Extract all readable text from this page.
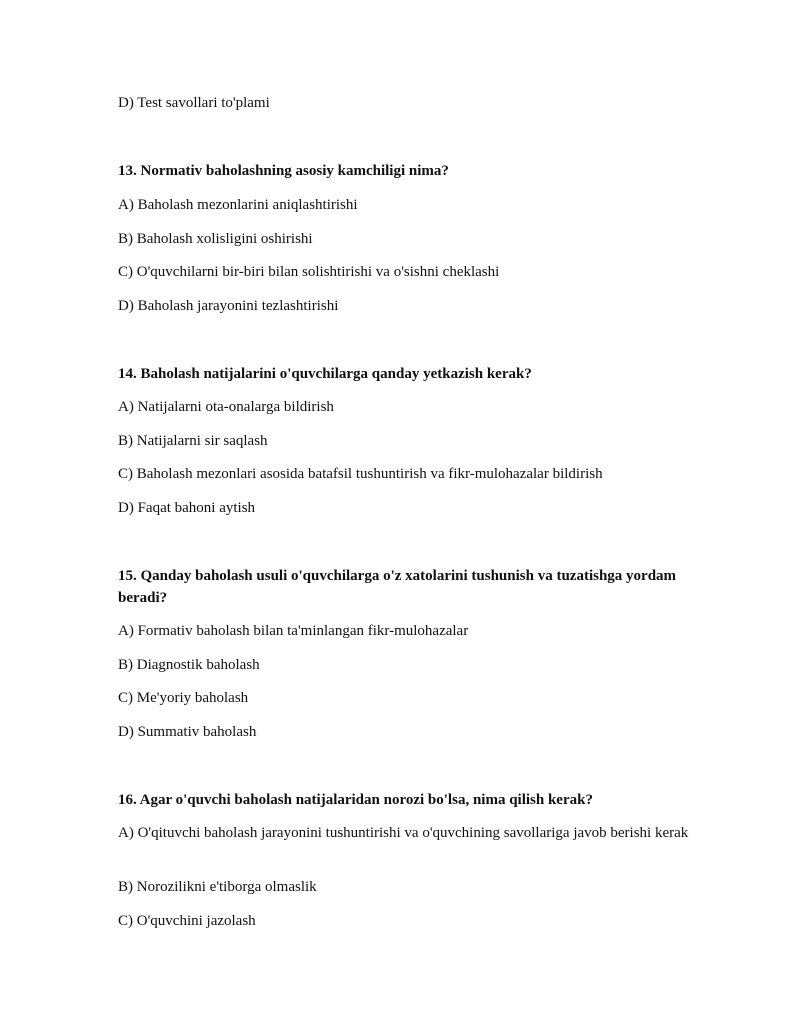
D) Test savollari to'plami
13. Normativ baholashning asosiy kamchiligi nima?
A) Baholash mezonlarini aniqlashtirishi
B) Baholash xolisligini oshirishi
C) O'quvchilarni bir-biri bilan solishtirishi va o'sishni cheklashi
D) Baholash jarayonini tezlashtirishi
14. Baholash natijalarini o'quvchilarga qanday yetkazish kerak?
A) Natijalarni ota-onalarga bildirish
B) Natijalarni sir saqlash
C) Baholash mezonlari asosida batafsil tushuntirish va fikr-mulohazalar bildirish
D) Faqat bahoni aytish
15. Qanday baholash usuli o'quvchilarga o'z xatolarini tushunish va tuzatishga yordam beradi?
A) Formativ baholash bilan ta'minlangan fikr-mulohazalar
B) Diagnostik baholash
C) Me'yoriy baholash
D) Summativ baholash
16. Agar o'quvchi baholash natijalaridan norozi bo'lsa, nima qilish kerak?
A) O'qituvchi baholash jarayonini tushuntirishi va o'quvchining savollariga javob berishi kerak
B) Norozilikni e'tiborga olmaslik
C) O'quvchini jazolash
